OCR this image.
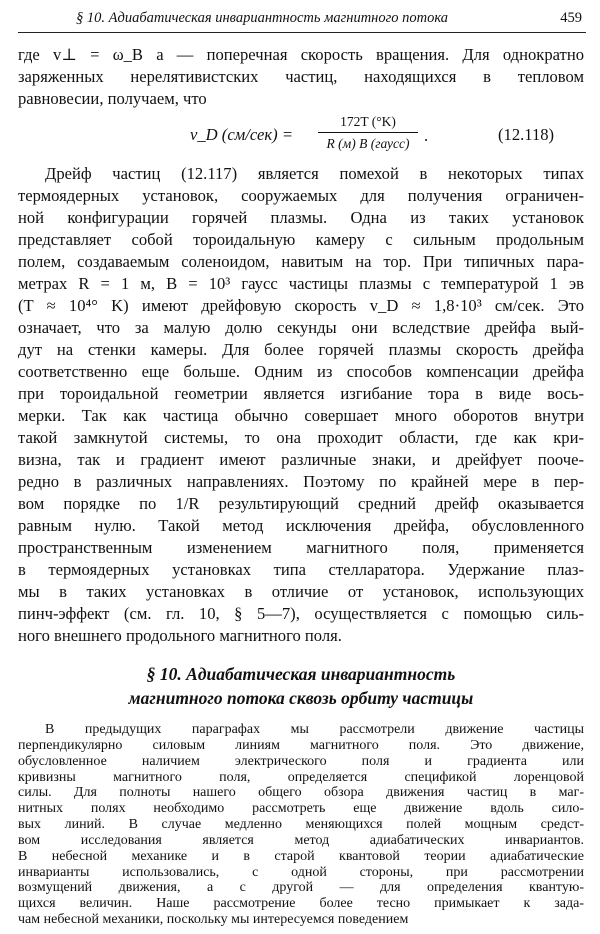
§ 10. Адиабатическая инвариантность магнитного потока	459
где v⊥ = ω_B a — поперечная скорость вращения. Для однократно
заряженных нерелятивистских частиц, находящихся в тепловом
равновесии, получаем, что
v_D (см/сек) =
172T (°K)
R (м) B (гаусс) .	(12.118)
Дрейф частиц (12.117) является помехой в некоторых типах
термоядерных установок, сооружаемых для получения ограничен-
ной конфигурации горячей плазмы. Одна из таких установок
представляет собой тороидальную камеру с сильным продольным
полем, создаваемым соленоидом, навитым на тор. При типичных пара-
метрах R = 1 м, B = 10³ гаусс частицы плазмы с температурой 1 эв
(T ≈ 10⁴° K) имеют дрейфовую скорость v_D ≈ 1,8·10³ см/сек. Это
означает, что за малую долю секунды они вследствие дрейфа вый-
дут на стенки камеры. Для более горячей плазмы скорость дрейфа
соответственно еще больше. Одним из способов компенсации дрейфа
при тороидальной геометрии является изгибание тора в виде вось-
мерки. Так как частица обычно совершает много оборотов внутри
такой замкнутой системы, то она проходит области, где как кри-
визна, так и градиент имеют различные знаки, и дрейфует пооче-
редно в различных направлениях. Поэтому по крайней мере в пер-
вом порядке по 1/R результирующий средний дрейф оказывается
равным нулю. Такой метод исключения дрейфа, обусловленного
пространственным изменением магнитного поля, применяется
в термоядерных установках типа стелларатора. Удержание плаз-
мы в таких установках в отличие от установок, использующих
пинч-эффект (см. гл. 10, § 5—7), осуществляется с помощью силь-
ного внешнего продольного магнитного поля.
§ 10. Адиабатическая инвариантность
магнитного потока сквозь орбиту частицы
В предыдущих параграфах мы рассмотрели движение частицы
перпендикулярно силовым линиям магнитного поля. Это движение,
обусловленное наличием электрического поля и градиента или
кривизны магнитного поля, определяется спецификой лоренцовой
силы. Для полноты нашего общего обзора движения частиц в маг-
нитных полях необходимо рассмотреть еще движение вдоль сило-
вых линий. В случае медленно меняющихся полей мощным средст-
вом исследования является метод адиабатических инвариантов.
В небесной механике и в старой квантовой теории адиабатические
инварианты использовались, с одной стороны, при рассмотрении
возмущений движения, а с другой — для определения квантую-
щихся величин. Наше рассмотрение более тесно примыкает к задa-
чам небесной механики, поскольку мы интересуемся поведением
